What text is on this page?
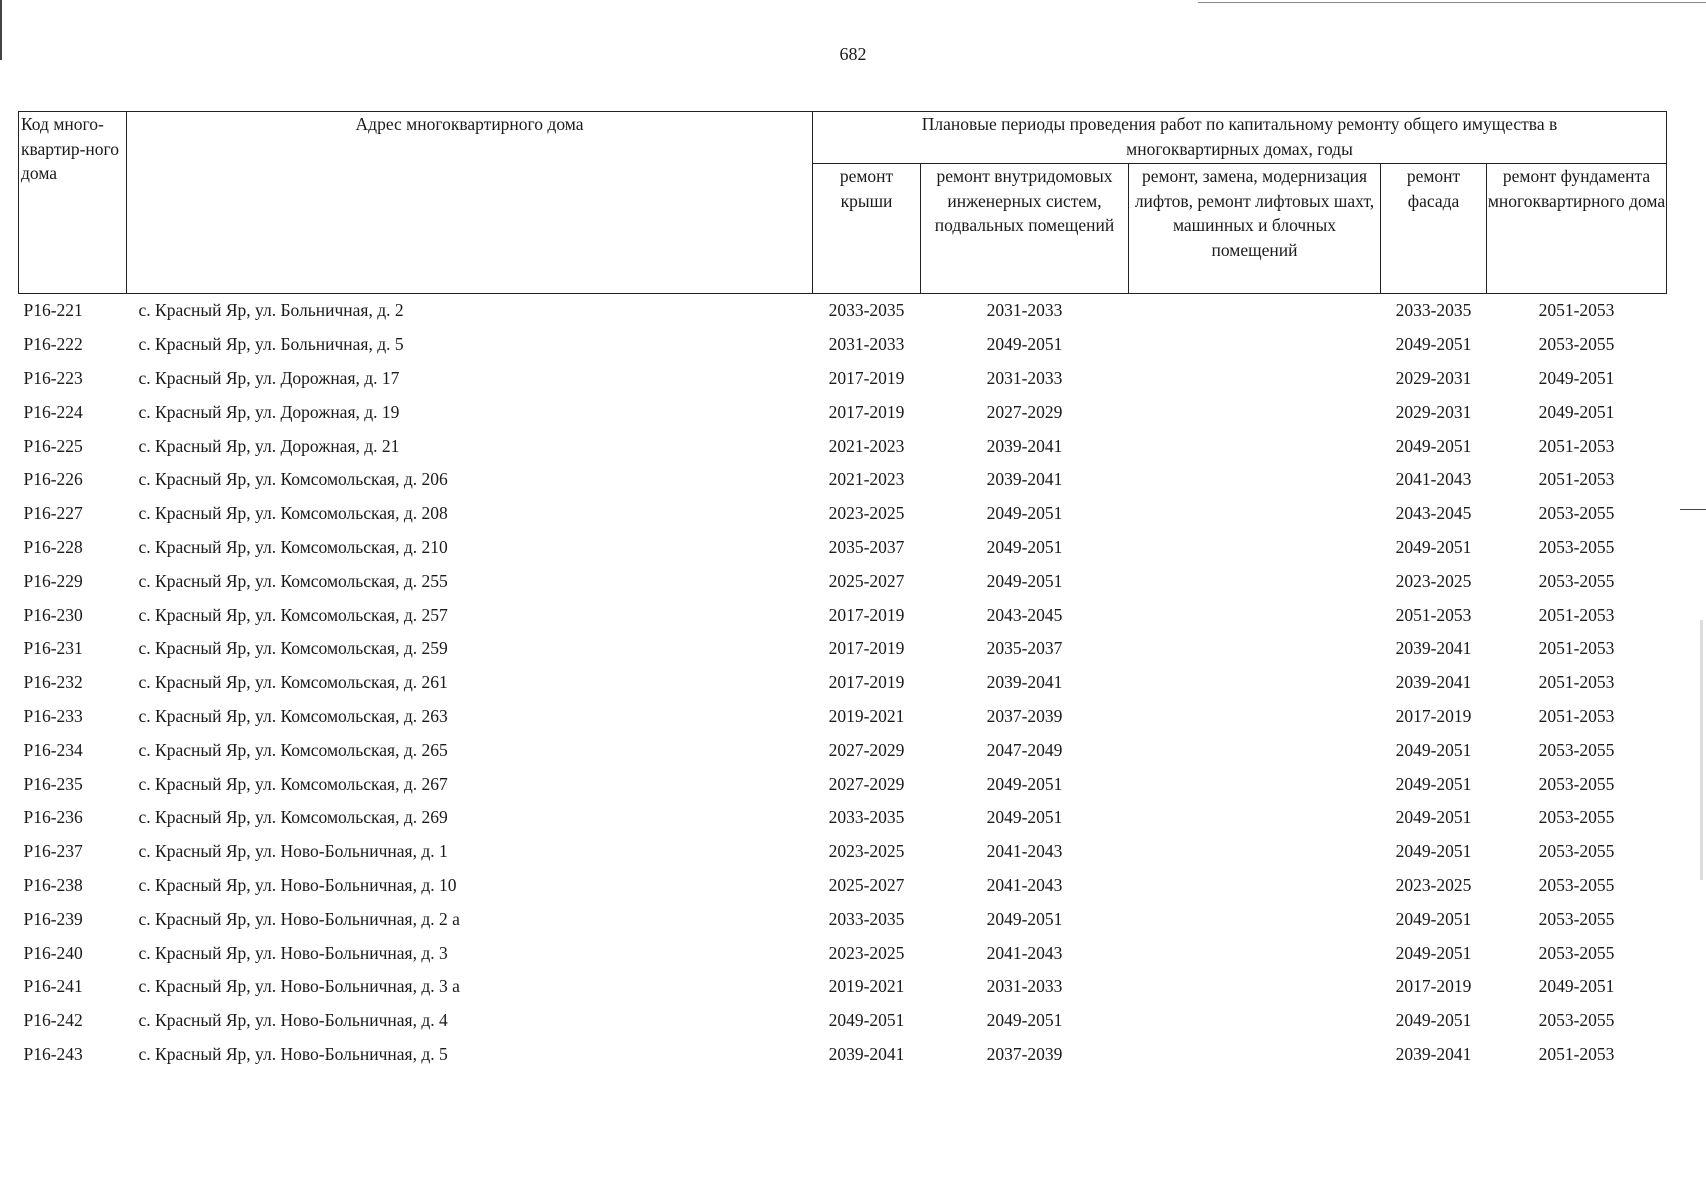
682
Код много-квартир-ного дома	Адрес многоквартирного дома	Плановые периоды проведения работ по капитальному ремонту общего имущества в многоквартирных домах, годы				
		ремонт крыши	ремонт внутридомовых инженерных систем, подвальных помещений	ремонт, замена, модернизация лифтов, ремонт лифтовых шахт, машинных и блочных помещений	ремонт фасада	ремонт фундамента многоквартирного дома
Р16-221	с. Красный Яр, ул. Больничная, д. 2	2033-2035	2031-2033		2033-2035	2051-2053
Р16-222	с. Красный Яр, ул. Больничная, д. 5	2031-2033	2049-2051		2049-2051	2053-2055
Р16-223	с. Красный Яр, ул. Дорожная, д. 17	2017-2019	2031-2033		2029-2031	2049-2051
Р16-224	с. Красный Яр, ул. Дорожная, д. 19	2017-2019	2027-2029		2029-2031	2049-2051
Р16-225	с. Красный Яр, ул. Дорожная, д. 21	2021-2023	2039-2041		2049-2051	2051-2053
Р16-226	с. Красный Яр, ул. Комсомольская, д. 206	2021-2023	2039-2041		2041-2043	2051-2053
Р16-227	с. Красный Яр, ул. Комсомольская, д. 208	2023-2025	2049-2051		2043-2045	2053-2055
Р16-228	с. Красный Яр, ул. Комсомольская, д. 210	2035-2037	2049-2051		2049-2051	2053-2055
Р16-229	с. Красный Яр, ул. Комсомольская, д. 255	2025-2027	2049-2051		2023-2025	2053-2055
Р16-230	с. Красный Яр, ул. Комсомольская, д. 257	2017-2019	2043-2045		2051-2053	2051-2053
Р16-231	с. Красный Яр, ул. Комсомольская, д. 259	2017-2019	2035-2037		2039-2041	2051-2053
Р16-232	с. Красный Яр, ул. Комсомольская, д. 261	2017-2019	2039-2041		2039-2041	2051-2053
Р16-233	с. Красный Яр, ул. Комсомольская, д. 263	2019-2021	2037-2039		2017-2019	2051-2053
Р16-234	с. Красный Яр, ул. Комсомольская, д. 265	2027-2029	2047-2049		2049-2051	2053-2055
Р16-235	с. Красный Яр, ул. Комсомольская, д. 267	2027-2029	2049-2051		2049-2051	2053-2055
Р16-236	с. Красный Яр, ул. Комсомольская, д. 269	2033-2035	2049-2051		2049-2051	2053-2055
Р16-237	с. Красный Яр, ул. Ново-Больничная, д. 1	2023-2025	2041-2043		2049-2051	2053-2055
Р16-238	с. Красный Яр, ул. Ново-Больничная, д. 10	2025-2027	2041-2043		2023-2025	2053-2055
Р16-239	с. Красный Яр, ул. Ново-Больничная, д. 2 а	2033-2035	2049-2051		2049-2051	2053-2055
Р16-240	с. Красный Яр, ул. Ново-Больничная, д. 3	2023-2025	2041-2043		2049-2051	2053-2055
Р16-241	с. Красный Яр, ул. Ново-Больничная, д. 3 а	2019-2021	2031-2033		2017-2019	2049-2051
Р16-242	с. Красный Яр, ул. Ново-Больничная, д. 4	2049-2051	2049-2051		2049-2051	2053-2055
Р16-243	с. Красный Яр, ул. Ново-Больничная, д. 5	2039-2041	2037-2039		2039-2041	2051-2053
